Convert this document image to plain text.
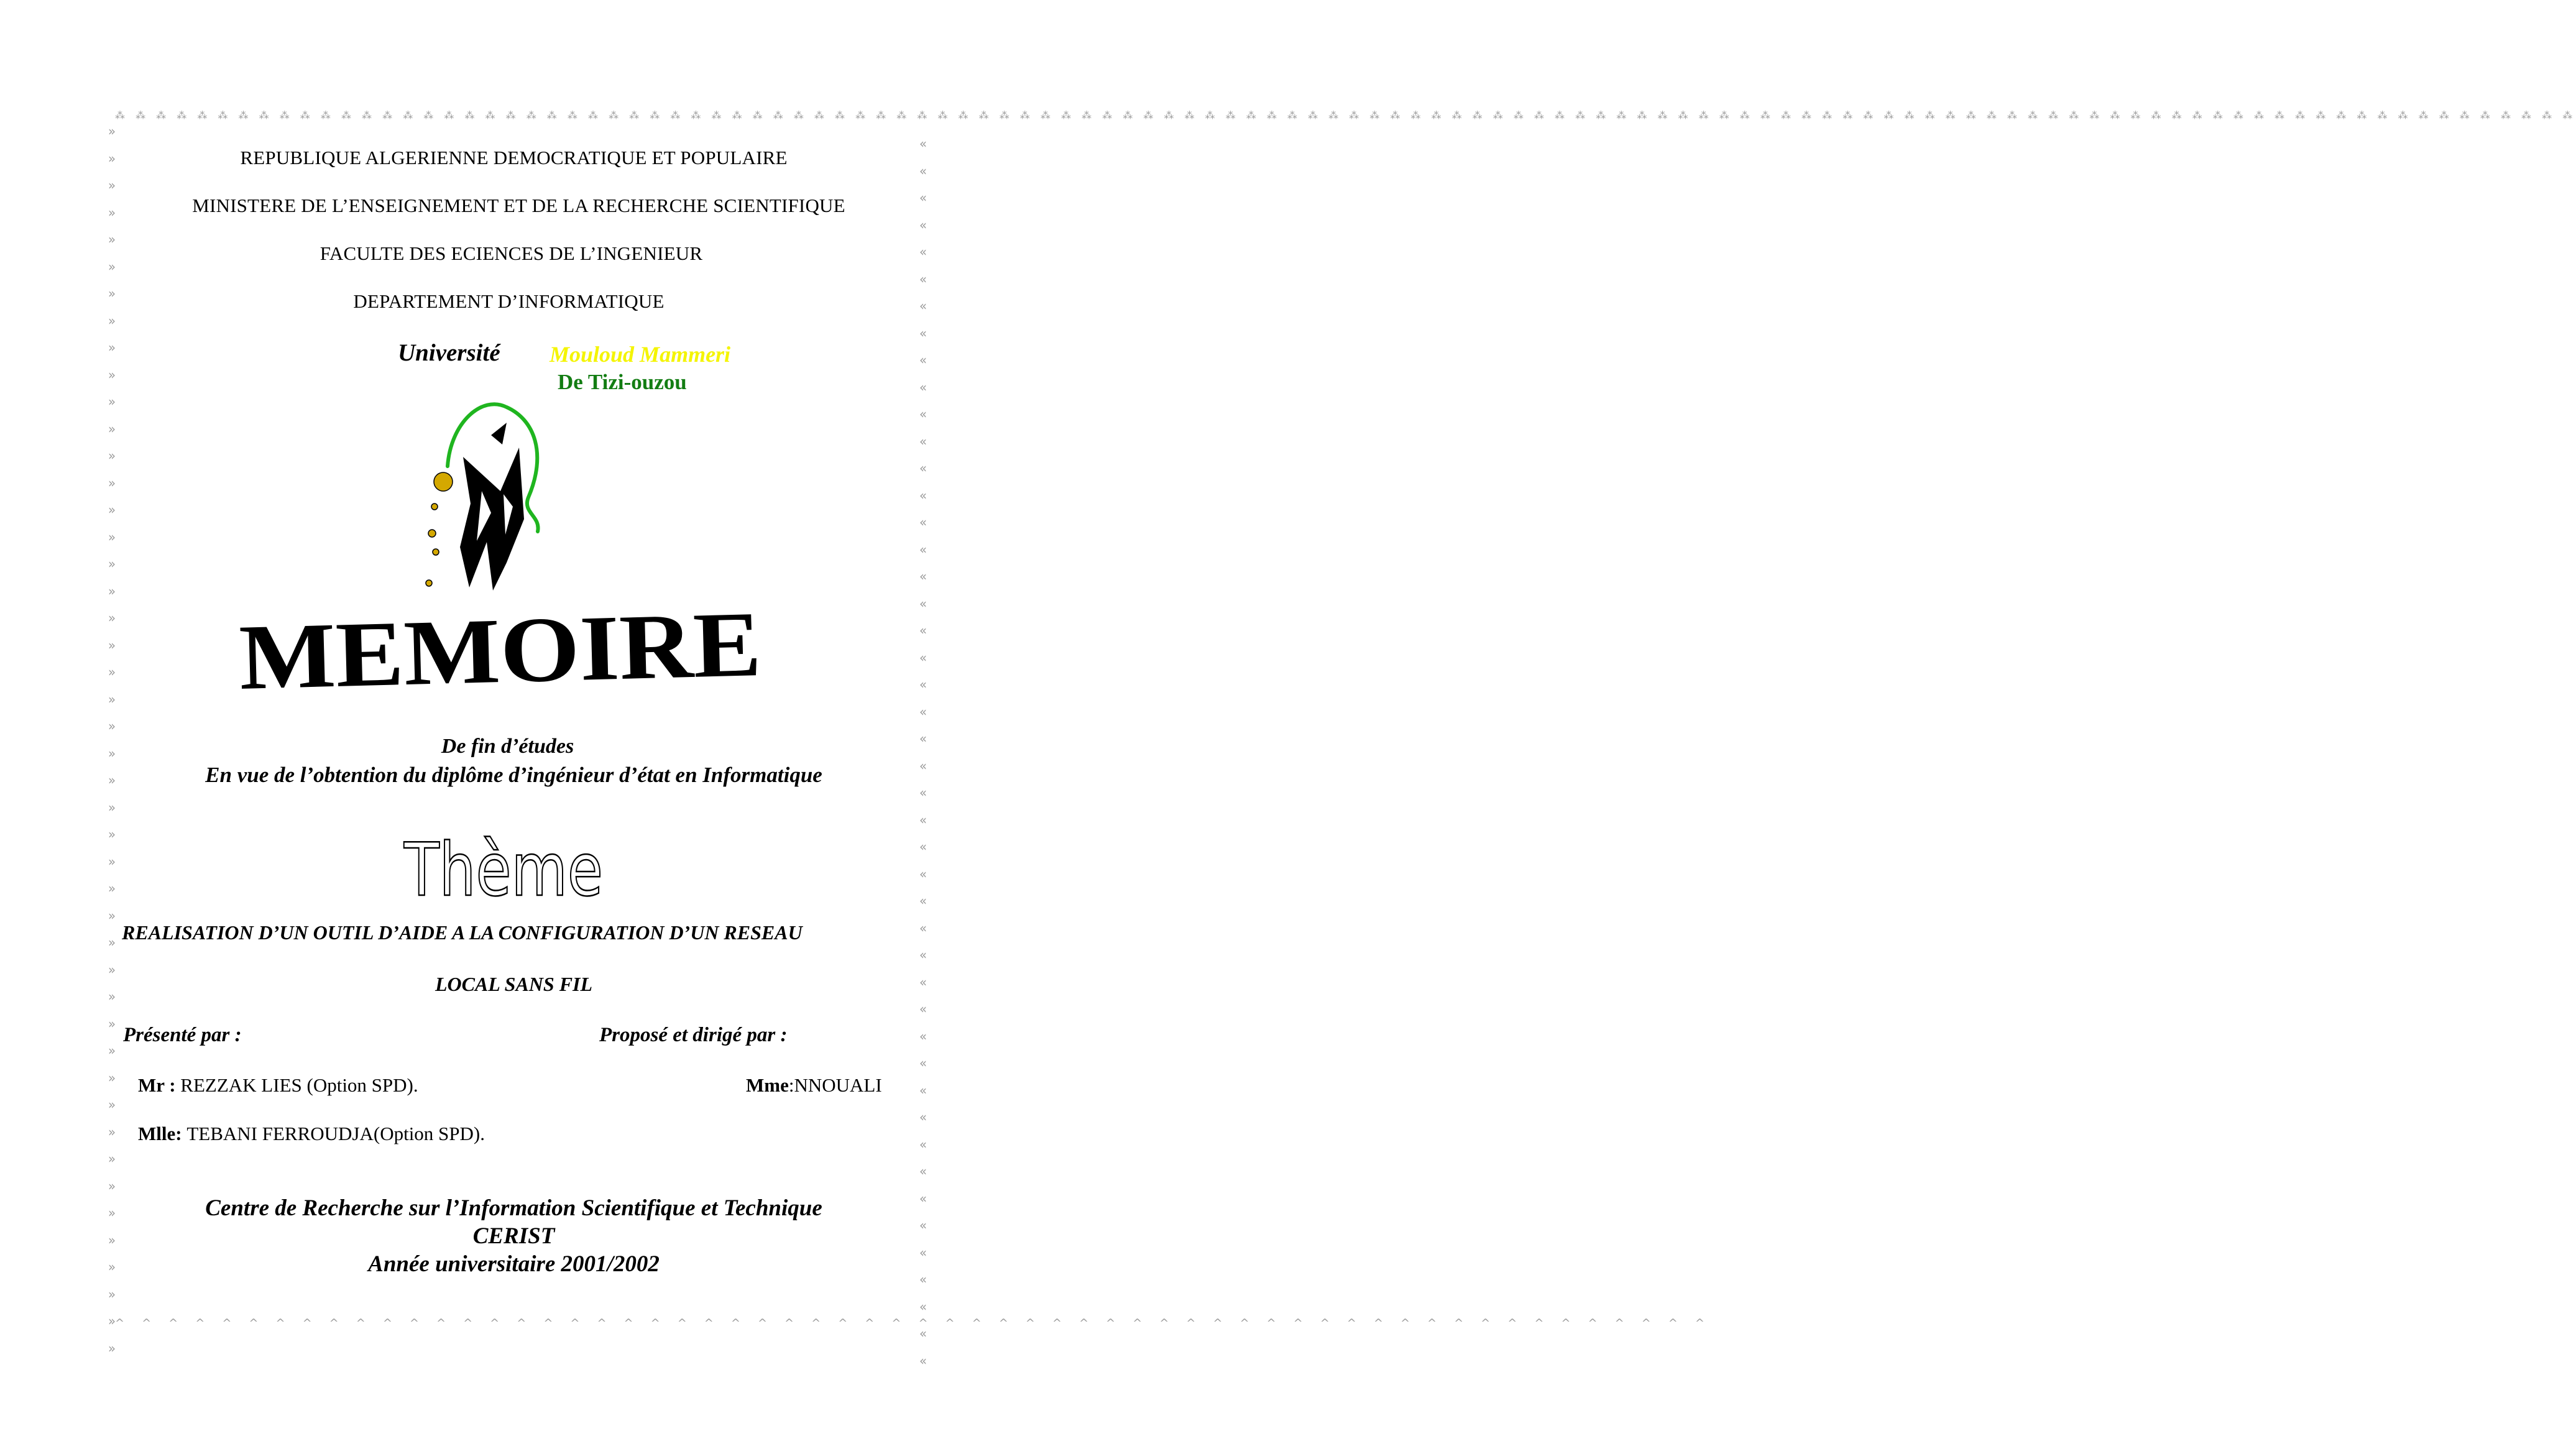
⁂ ⁂ ⁂ ⁂ ⁂ ⁂ ⁂ ⁂ ⁂ ⁂ ⁂ ⁂ ⁂ ⁂ ⁂ ⁂ ⁂ ⁂ ⁂ ⁂ ⁂ ⁂ ⁂ ⁂ ⁂ ⁂ ⁂ ⁂ ⁂ ⁂ ⁂ ⁂ ⁂ ⁂ ⁂ ⁂ ⁂ ⁂ ⁂ ⁂ ⁂ ⁂ ⁂ ⁂ ⁂ ⁂ ⁂ ⁂ ⁂ ⁂ ⁂ ⁂ ⁂ ⁂ ⁂ ⁂ ⁂ ⁂ ⁂ ⁂ ⁂ ⁂ ⁂ ⁂ ⁂ ⁂ ⁂ ⁂ ⁂ ⁂ ⁂ ⁂ ⁂ ⁂ ⁂ ⁂ ⁂ ⁂ ⁂ ⁂ ⁂ ⁂ ⁂ ⁂ ⁂ ⁂ ⁂ ⁂ ⁂ ⁂ ⁂ ⁂ ⁂ ⁂ ⁂ ⁂ ⁂ ⁂ ⁂ ⁂ ⁂ ⁂ ⁂ ⁂ ⁂ ⁂ ⁂ ⁂ ⁂ ⁂ ⁂ ⁂ ⁂ ⁂ ⁂ ⁂ ⁂ ⁂ ⁂ ⁂
^^^^^^^^^^^^^^^^^^^^^^^^^^^^^^^^^^^^^^^^^^^^^^^^^^^^^^^^^^^^
»
»
»
»
»
»
»
»
»
»
»
»
»
»
»
»
»
»
»
»
»
»
»
»
»
»
»
»
»
»
»
»
»
»
»
»
»
»
»
»
»
»
»
»
»
»
«
«
«
«
«
«
«
«
«
«
«
«
«
«
«
«
«
«
«
«
«
«
«
«
«
«
«
«
«
«
«
«
«
«
«
«
«
«
«
«
«
«
«
«
«
«
REPUBLIQUE ALGERIENNE DEMOCRATIQUE ET POPULAIRE
MINISTERE DE L’ENSEIGNEMENT ET DE LA RECHERCHE SCIENTIFIQUE
FACULTE DES ECIENCES DE L’INGENIEUR
DEPARTEMENT D’INFORMATIQUE
Université Mouloud Mammeri
De Tizi-ouzou
MEMOIRE
De fin d’études
En vue de l’obtention du diplôme d’ingénieur d’état en Informatique
Thème
REALISATION D’UN OUTIL D’AIDE A LA CONFIGURATION D’UN RESEAU
LOCAL SANS FIL
Présenté par :	Proposé et dirigé par :
Mr : REZZAK LIES (Option SPD).	Mme:NNOUALI
Mlle: TEBANI FERROUDJA(Option SPD).
Centre de Recherche sur l’Information Scientifique et Technique
CERIST
Année universitaire 2001/2002
